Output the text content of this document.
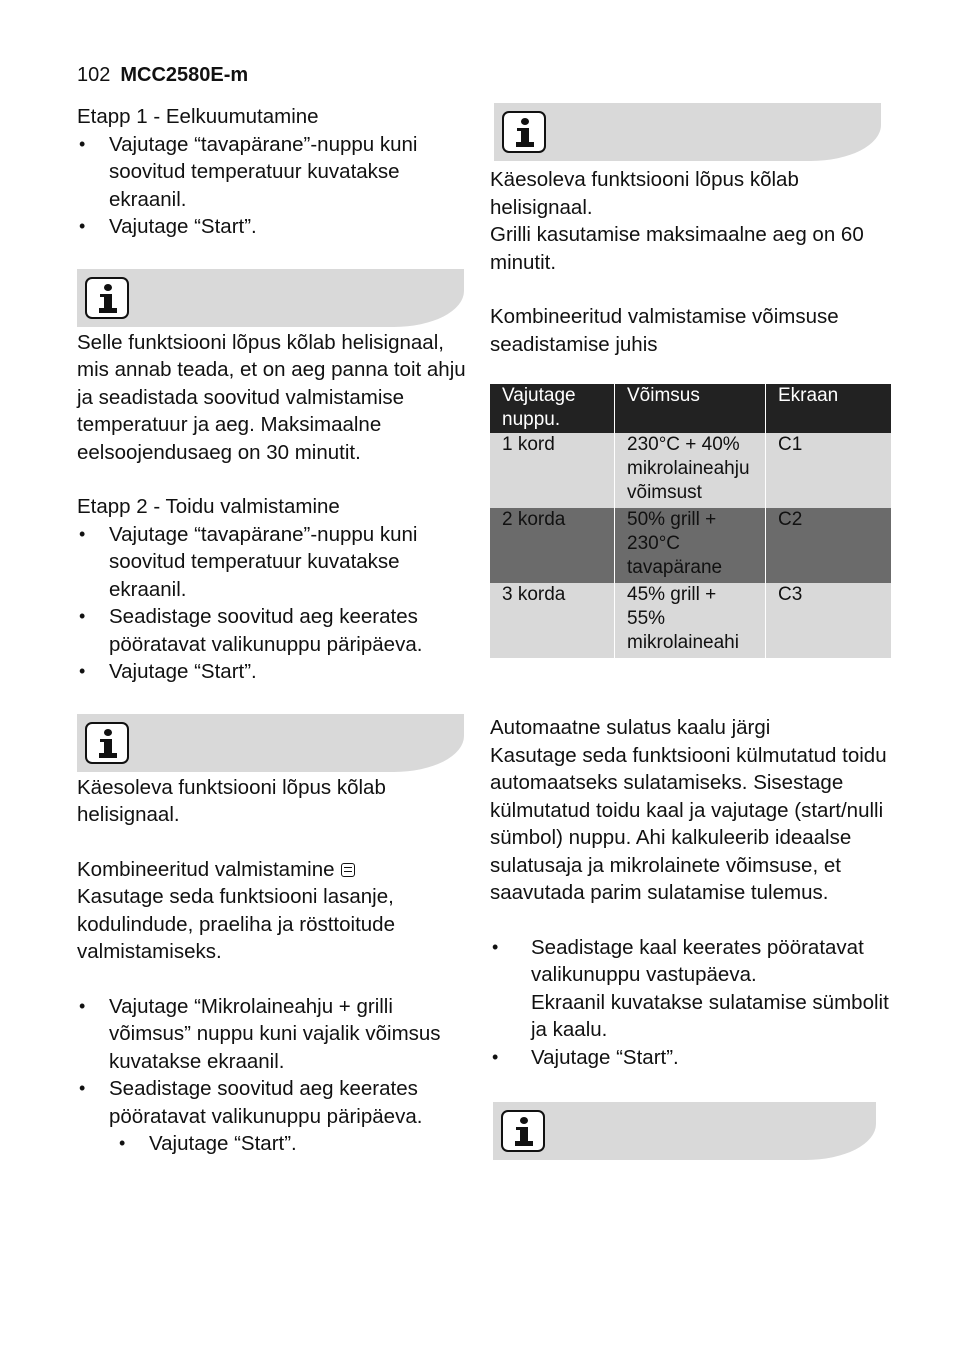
102 MCC2580E-m

Etapp 1 - Eelkuumutamine

• Vajutage “tavapärane”-nuppu kuni soovitud temperatuur kuvatakse ekraanil.
• Vajutage “Start”.

Selle funktsiooni lõpus kõlab helisignaal, mis annab teada, et on aeg panna toit ahju ja seadistada soovitud valmistamise temperatuur ja aeg. Maksimaalne eelsoojendusaeg on 30 minutit.

Etapp 2 - Toidu valmistamine

• Vajutage “tavapärane”-nuppu kuni soovitud temperatuur kuvatakse ekraanil.
• Seadistage soovitud aeg keerates pööratavat valikunuppu päripäeva.
• Vajutage “Start”.

Käesoleva funktsiooni lõpus kõlab helisignaal.

Kombineeritud valmistamine

Kasutage seda funktsiooni lasanje, kodulindude, praeliha ja rösttoitude valmistamiseks.

• Vajutage “Mikrolaineahju + grilli võimsus” nuppu kuni vajalik võimsus kuvatakse ekraanil.
• Seadistage soovitud aeg keerates pööratavat valikunuppu päripäeva.
• Vajutage “Start”.

Käesoleva funktsiooni lõpus kõlab helisignaal.

Grilli kasutamise maksimaalne aeg on 60 minutit.

Kombineeritud valmistamise võimsuse seadistamise juhis

Vajutage nuppu.	Võimsus	Ekraan
1 kord	230°C + 40% mikrolaineahju võimsust	C1
2 korda	50% grill + 230°C tavapärane	C2
3 korda	45% grill + 55% mikrolaineahi	C3

Automaatne sulatus kaalu järgi

Kasutage seda funktsiooni külmutatud toidu automaatseks sulatamiseks. Sisestage külmutatud toidu kaal ja vajutage (start/nulli sümbol) nuppu. Ahi kalkuleerib ideaalse sulatusaja ja mikrolainete võimsuse, et saavutada parim sulatamise tulemus.

• Seadistage kaal keerates pööratavat valikunuppu vastupäeva.
Ekraanil kuvatakse sulatamise sümbolit ja kaalu.
• Vajutage “Start”.
